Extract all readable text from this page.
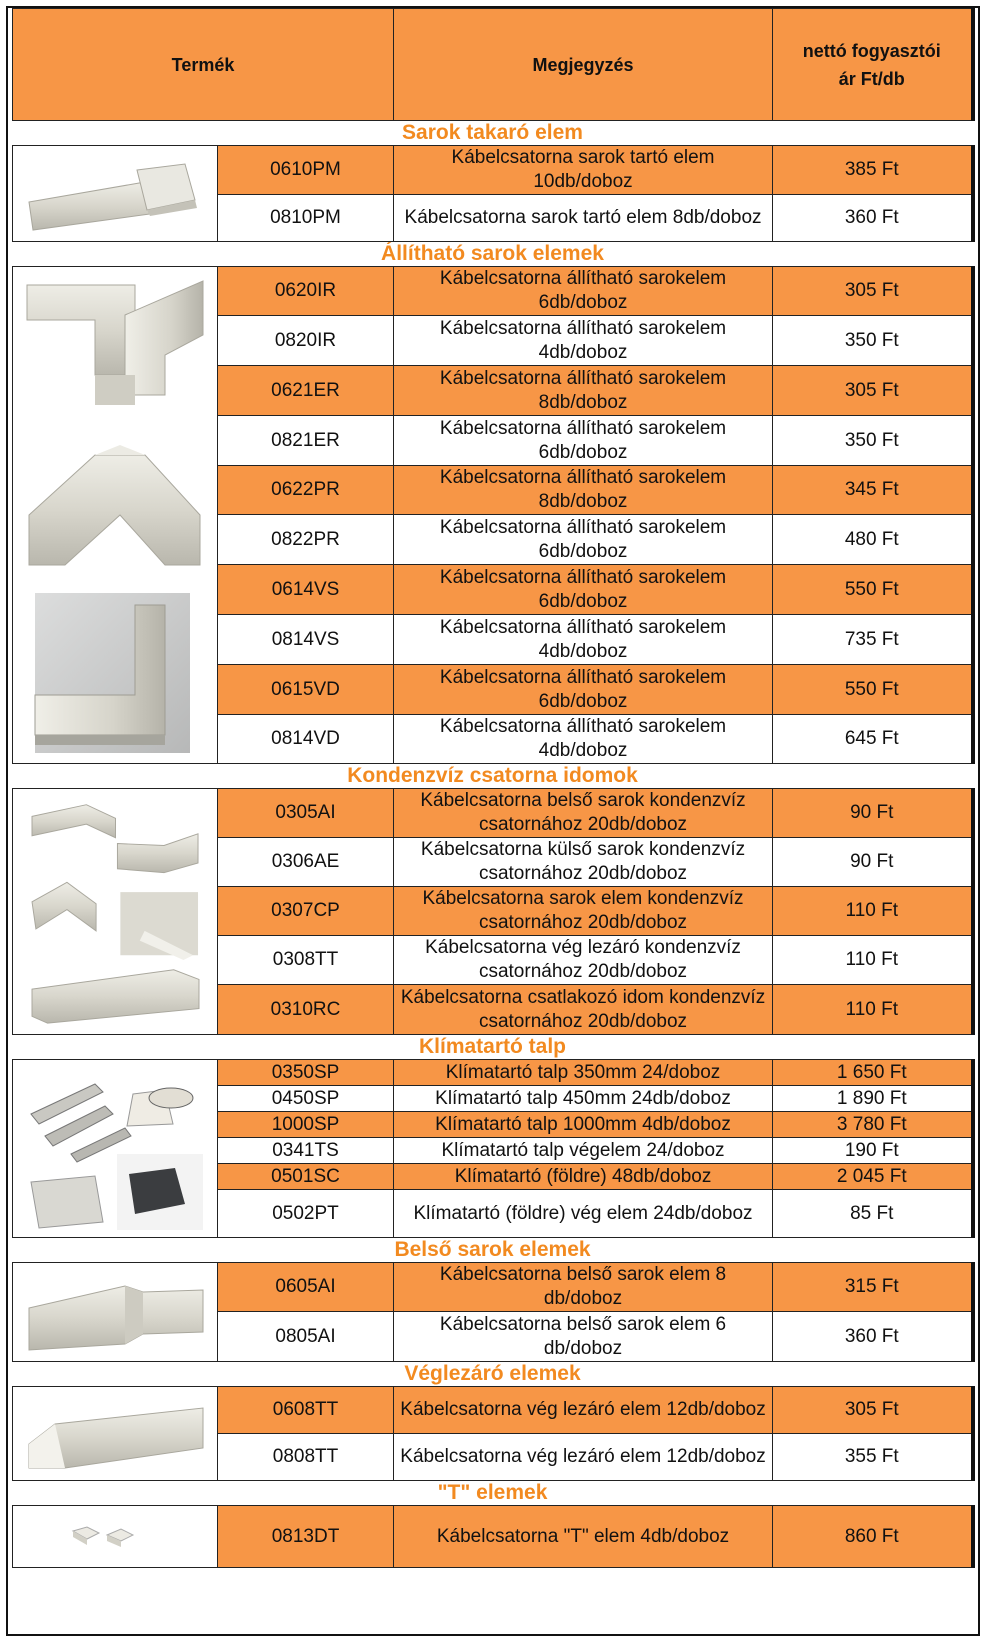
Termék		Megjegyzés	nettó fogyasztói ár Ft/db

Sarok takaró elem			

	0610PM	Kábelcsatorna sarok tartó elem 10db/doboz	385 Ft
	0810PM	Kábelcsatorna sarok tartó elem 8db/doboz	360 Ft
Állítható sarok elemek			

	0620IR	Kábelcsatorna állítható sarokelem 6db/doboz	305 Ft
	0820IR	Kábelcsatorna állítható sarokelem 4db/doboz	350 Ft
	0621ER	Kábelcsatorna állítható sarokelem 8db/doboz	305 Ft
	0821ER	Kábelcsatorna állítható sarokelem 6db/doboz	350 Ft
	0622PR	Kábelcsatorna állítható sarokelem 8db/doboz	345 Ft
	0822PR	Kábelcsatorna állítható sarokelem 6db/doboz	480 Ft
	0614VS	Kábelcsatorna állítható sarokelem 6db/doboz	550 Ft
	0814VS	Kábelcsatorna állítható sarokelem 4db/doboz	735 Ft
	0615VD	Kábelcsatorna állítható sarokelem 6db/doboz	550 Ft
	0814VD	Kábelcsatorna állítható sarokelem 4db/doboz	645 Ft
Kondenzvíz csatorna idomok			

	0305AI	Kábelcsatorna belső sarok kondenzvíz csatornához 20db/doboz	90 Ft
	0306AE	Kábelcsatorna külső sarok kondenzvíz csatornához 20db/doboz	90 Ft
	0307CP	Kábelcsatorna sarok elem kondenzvíz csatornához 20db/doboz	110 Ft
	0308TT	Kábelcsatorna vég lezáró kondenzvíz csatornához 20db/doboz	110 Ft
	0310RC	Kábelcsatorna csatlakozó idom kondenzvíz csatornához 20db/doboz	110 Ft
Klímatartó talp			

	0350SP	Klímatartó talp 350mm 24/doboz	1 650 Ft
	0450SP	Klímatartó talp 450mm 24db/doboz	1 890 Ft
	1000SP	Klímatartó talp 1000mm 4db/doboz	3 780 Ft
	0341TS	Klímatartó talp végelem 24/doboz	190 Ft
	0501SC	Klímatartó (földre) 48db/doboz	2 045 Ft
	0502PT	Klímatartó (földre) vég elem 24db/doboz	85 Ft
Belső sarok elemek			

	0605AI	Kábelcsatorna belső sarok elem 8 db/doboz	315 Ft
	0805AI	Kábelcsatorna belső sarok elem 6 db/doboz	360 Ft
Véglezáró elemek			

	0608TT	Kábelcsatorna vég lezáró elem 12db/doboz	305 Ft
	0808TT	Kábelcsatorna vég lezáró elem 12db/doboz	355 Ft
"T" elemek			

	0813DT	Kábelcsatorna "T" elem 4db/doboz	860 Ft
